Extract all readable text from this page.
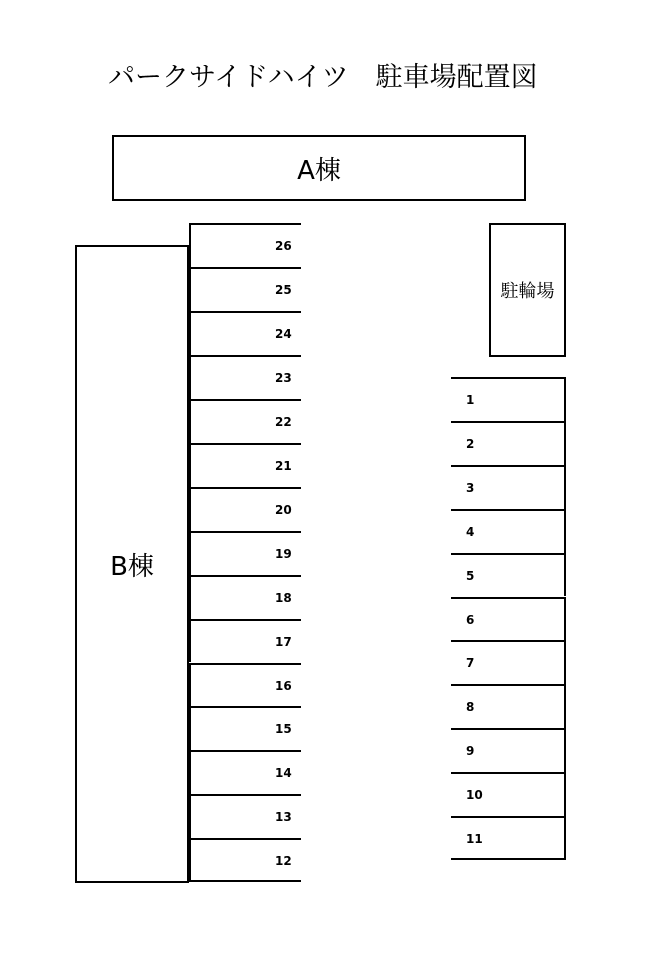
パークサイドハイツ　駐車場配置図
A棟
B棟
駐輪場
26
25
24
23
22
21
20
19
18
17
16
15
14
13
12
1
2
3
4
5
6
7
8
9
10
11
